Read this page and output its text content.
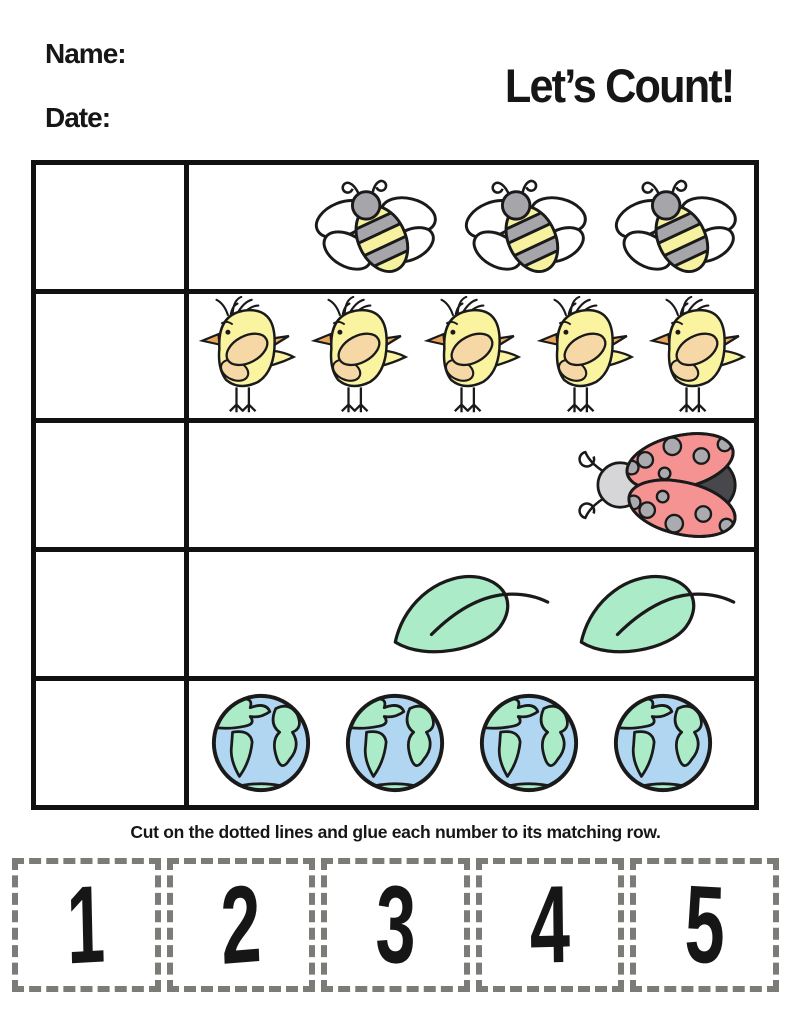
Name:
Date:
Let’s Count!
Cut on the dotted lines and glue each number to its matching row.
1 2 3 4 5
